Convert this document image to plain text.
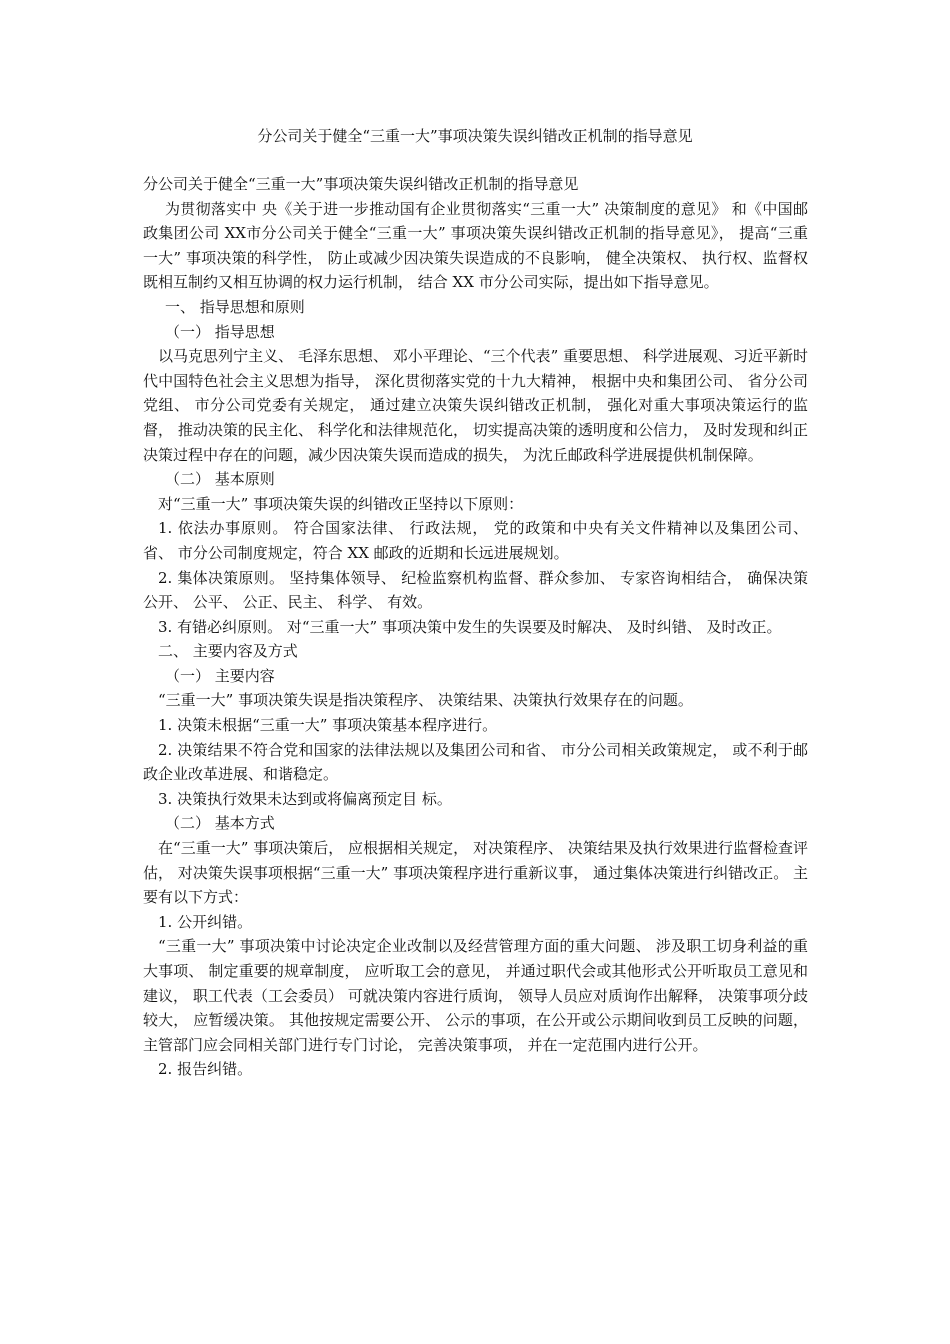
分公司关于健全“三重一大”事项决策失误纠错改正机制的指导意见

分公司关于健全“三重一大”事项决策失误纠错改正机制的指导意见

为贯彻落实中 央《关于进一步推动国有企业贯彻落实“三重一大” 决策制度的意见》 和《中国邮政集团公司 XX市分公司关于健全“三重一大” 事项决策失误纠错改正机制的指导意见》， 提高“三重一大” 事项决策的科学性， 防止或减少因决策失误造成的不良影响， 健全决策权、 执行权、监督权既相互制约又相互协调的权力运行机制， 结合 XX 市分公司实际，提出如下指导意见。

一、 指导思想和原则

（一） 指导思想

以马克思列宁主义、 毛泽东思想、 邓小平理论、“三个代表” 重要思想、 科学进展观、习近平新时代中国特色社会主义思想为指导， 深化贯彻落实党的十九大精神， 根据中央和集团公司、 省分公司党组、 市分公司党委有关规定， 通过建立决策失误纠错改正机制， 强化对重大事项决策运行的监督， 推动决策的民主化、 科学化和法律规范化， 切实提高决策的透明度和公信力， 及时发现和纠正决策过程中存在的问题，减少因决策失误而造成的损失， 为沈丘邮政科学进展提供机制保障。

（二） 基本原则

对“三重一大” 事项决策失误的纠错改正坚持以下原则：

1. 依法办事原则。 符合国家法律、 行政法规， 党的政策和中央有关文件精神以及集团公司、 省、 市分公司制度规定，符合 XX 邮政的近期和长远进展规划。

2. 集体决策原则。 坚持集体领导、 纪检监察机构监督、群众参加、 专家咨询相结合， 确保决策公开、 公平、 公正、民主、 科学、 有效。

3. 有错必纠原则。 对“三重一大” 事项决策中发生的失误要及时解决、 及时纠错、 及时改正。

二、 主要内容及方式

（一） 主要内容

“三重一大” 事项决策失误是指决策程序、 决策结果、决策执行效果存在的问题。

1. 决策未根据“三重一大” 事项决策基本程序进行。

2. 决策结果不符合党和国家的法律法规以及集团公司和省、 市分公司相关政策规定， 或不利于邮政企业改革进展、和谐稳定。

3. 决策执行效果未达到或将偏离预定目 标。

（二） 基本方式

在“三重一大” 事项决策后， 应根据相关规定， 对决策程序、 决策结果及执行效果进行监督检查评估， 对决策失误事项根据“三重一大” 事项决策程序进行重新议事， 通过集体决策进行纠错改正。 主要有以下方式：

1. 公开纠错。

“三重一大” 事项决策中讨论决定企业改制以及经营管理方面的重大问题、 涉及职工切身利益的重大事项、 制定重要的规章制度， 应听取工会的意见， 并通过职代会或其他形式公开听取员工意见和建议， 职工代表（工会委员） 可就决策内容进行质询， 领导人员应对质询作出解释， 决策事项分歧较大， 应暂缓决策。 其他按规定需要公开、 公示的事项，在公开或公示期间收到员工反映的问题， 主管部门应会同相关部门进行专门讨论， 完善决策事项， 并在一定范围内进行公开。

2. 报告纠错。
